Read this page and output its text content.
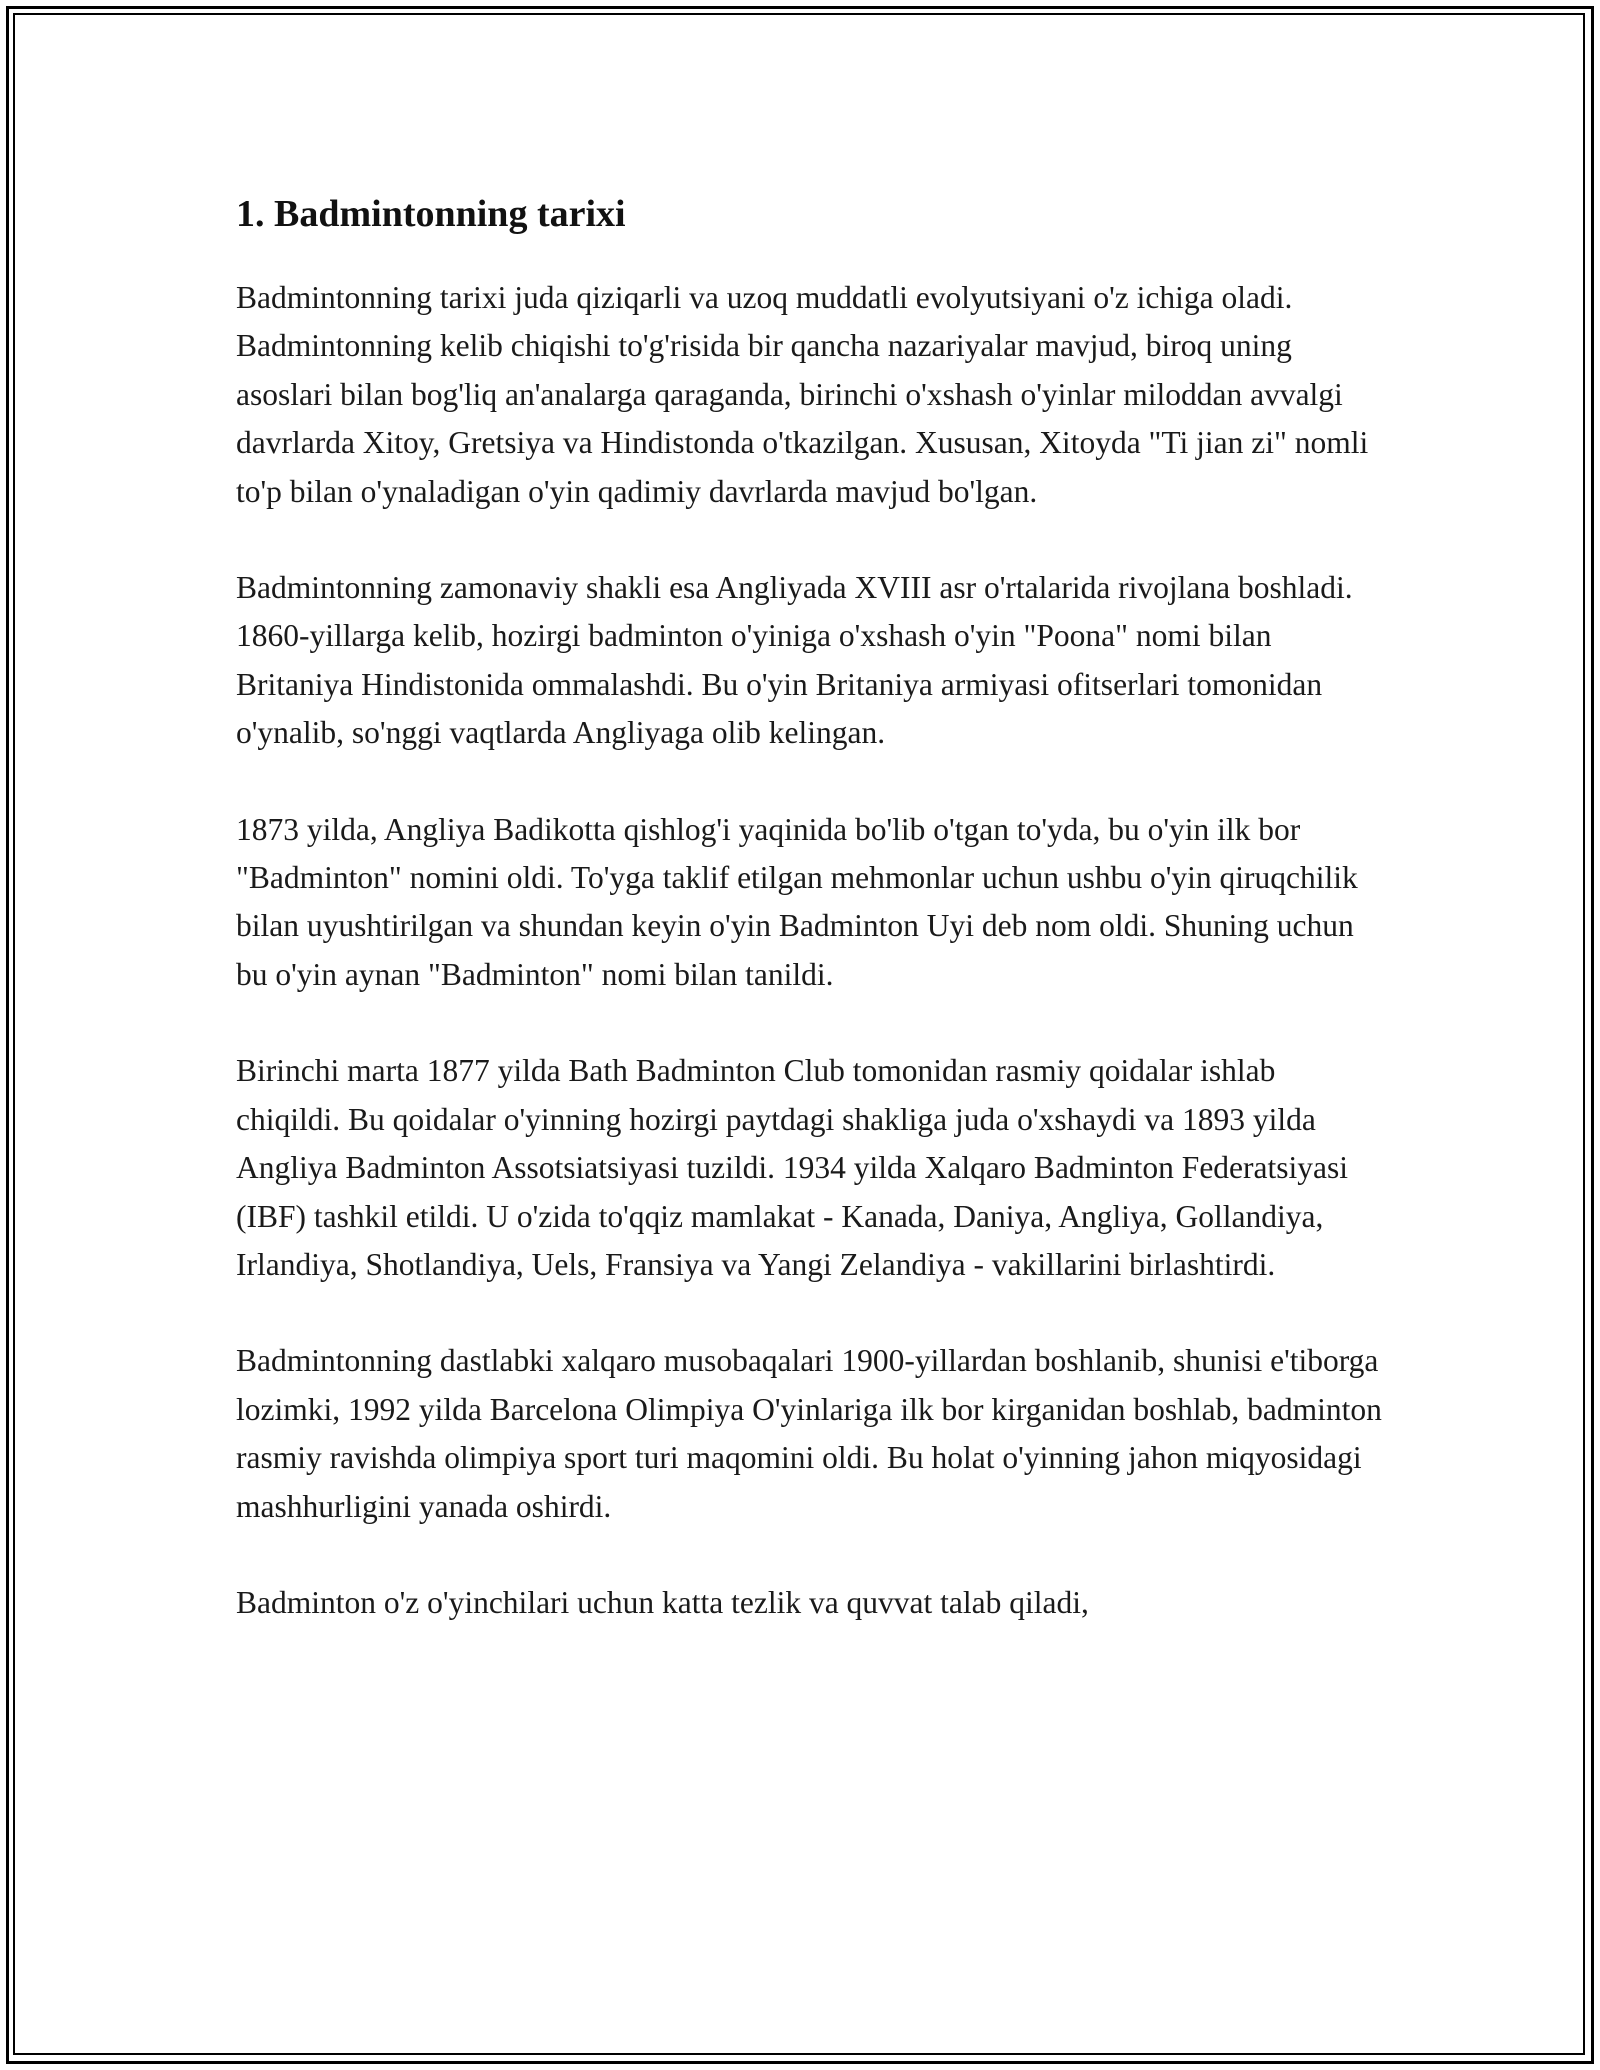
1. Badmintonning tarixi

Badmintonning tarixi juda qiziqarli va uzoq muddatli evolyutsiyani o'z ichiga oladi. Badmintonning kelib chiqishi to'g'risida bir qancha nazariyalar mavjud, biroq uning asoslari bilan bog'liq an'analarga qaraganda, birinchi o'xshash o'yinlar miloddan avvalgi davrlarda Xitoy, Gretsiya va Hindistonda o'tkazilgan. Xususan, Xitoyda "Ti jian zi" nomli to'p bilan o'ynaladigan o'yin qadimiy davrlarda mavjud bo'lgan.

Badmintonning zamonaviy shakli esa Angliyada XVIII asr o'rtalarida rivojlana boshladi. 1860-yillarga kelib, hozirgi badminton o'yiniga o'xshash o'yin "Poona" nomi bilan Britaniya Hindistonida ommalashdi. Bu o'yin Britaniya armiyasi ofitserlari tomonidan o'ynalib, so'nggi vaqtlarda Angliyaga olib kelingan.

1873 yilda, Angliya Badikotta qishlog'i yaqinida bo'lib o'tgan to'yda, bu o'yin ilk bor "Badminton" nomini oldi. To'yga taklif etilgan mehmonlar uchun ushbu o'yin qiruqchilik bilan uyushtirilgan va shundan keyin o'yin Badminton Uyi deb nom oldi. Shuning uchun bu o'yin aynan "Badminton" nomi bilan tanildi.

Birinchi marta 1877 yilda Bath Badminton Club tomonidan rasmiy qoidalar ishlab chiqildi. Bu qoidalar o'yinning hozirgi paytdagi shakliga juda o'xshaydi va 1893 yilda Angliya Badminton Assotsiatsiyasi tuzildi. 1934 yilda Xalqaro Badminton Federatsiyasi (IBF) tashkil etildi. U o'zida to'qqiz mamlakat - Kanada, Daniya, Angliya, Gollandiya, Irlandiya, Shotlandiya, Uels, Fransiya va Yangi Zelandiya - vakillarini birlashtirdi.

Badmintonning dastlabki xalqaro musobaqalari 1900-yillardan boshlanib, shunisi e'tiborga lozimki, 1992 yilda Barcelona Olimpiya O'yinlariga ilk bor kirganidan boshlab, badminton rasmiy ravishda olimpiya sport turi maqomini oldi. Bu holat o'yinning jahon miqyosidagi mashhurligini yanada oshirdi.

Badminton o'z o'yinchilari uchun katta tezlik va quvvat talab qiladi,
